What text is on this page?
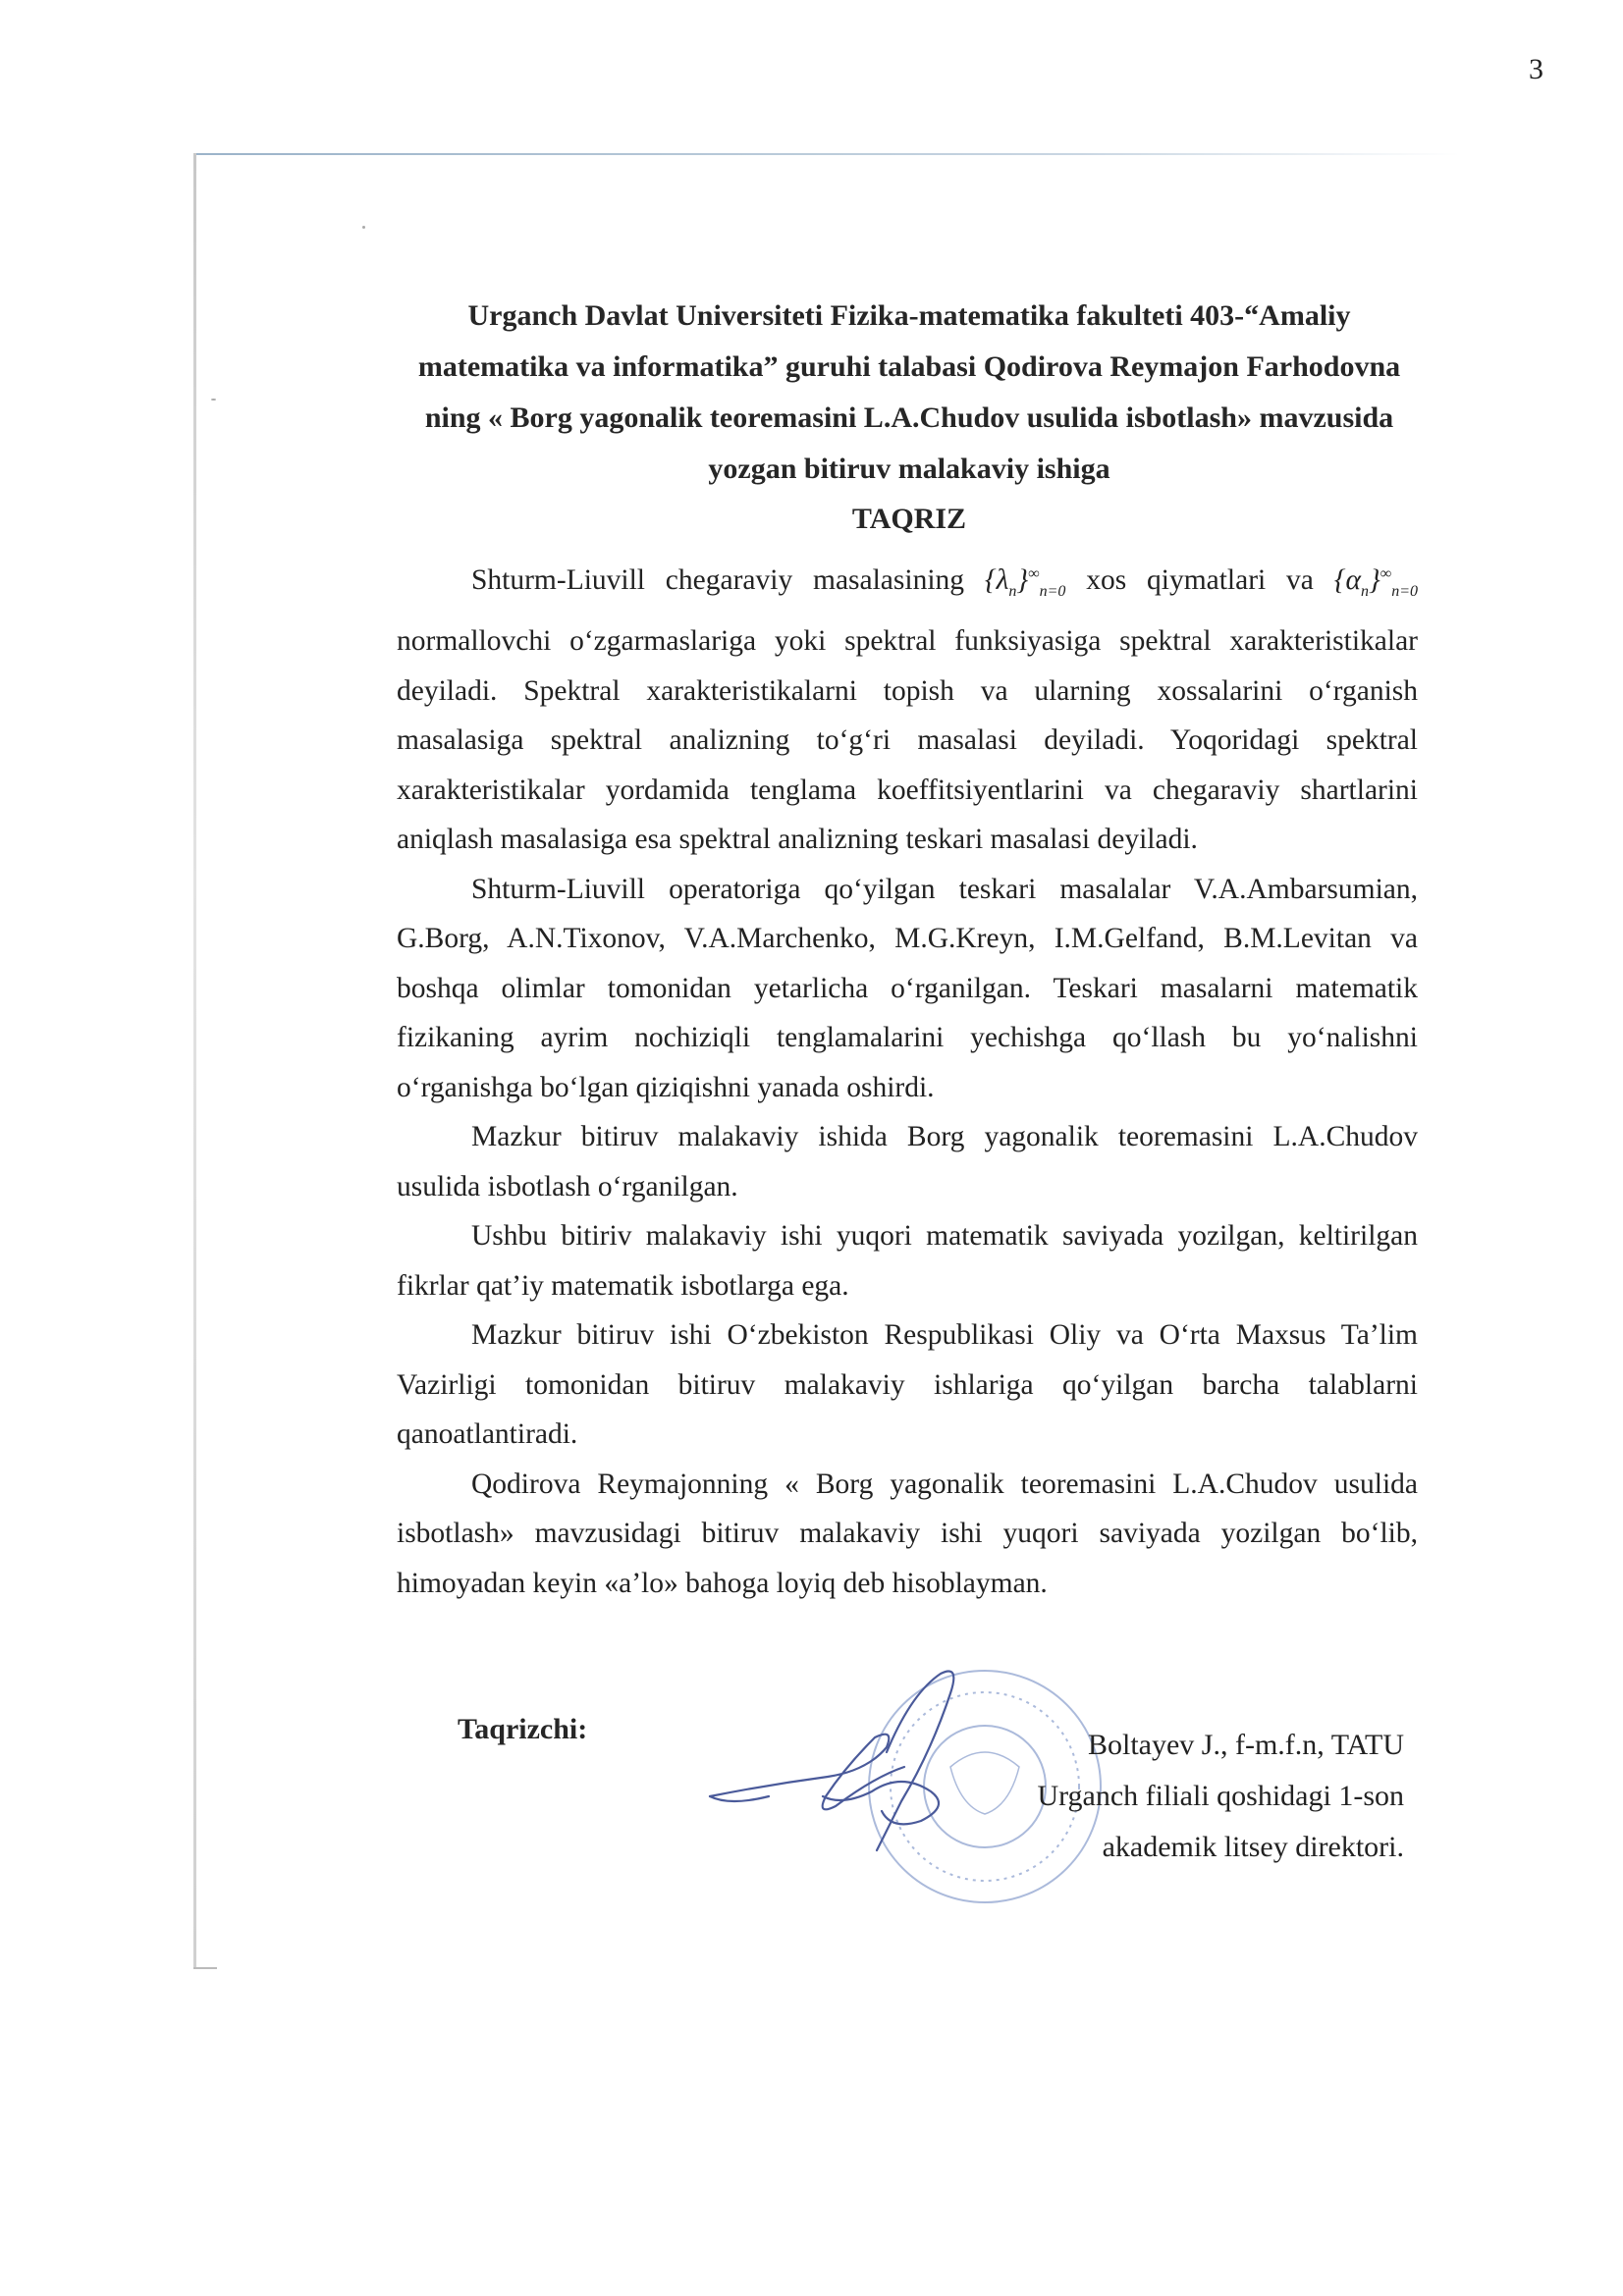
3
Urganch Davlat Universiteti Fizika-matematika fakulteti 403-“Amaliy
matematika va informatika” guruhi talabasi Qodirova Reymajon Farhodovna
ning « Borg yagonalik teoremasini L.A.Chudov usulida isbotlash» mavzusida
yozgan bitiruv malakaviy ishiga
TAQRIZ

Shturm-Liuvill chegaraviy masalasining $\{\lambda_n\}^\infty_{n=0}$ xos qiymatlari va $\{\alpha_n\}^\infty_{n=0}$ normallovchi o‘zgarmaslariga yoki spektral funksiyasiga spektral xarakteristikalar deyiladi. Spektral xarakteristikalarni topish va ularning xossalarini o‘rganish masalasiga spektral analizning to‘g‘ri masalasi deyiladi. Yoqoridagi spektral xarakteristikalar yordamida tenglama koeffitsiyentlarini va chegaraviy shartlarini aniqlash masalasiga esa spektral analizning teskari masalasi deyiladi.

Shturm-Liuvill operatoriga qo‘yilgan teskari masalalar V.A.Ambarsumian, G.Borg, A.N.Tixonov, V.A.Marchenko, M.G.Kreyn, I.M.Gelfand, B.M.Levitan va boshqa olimlar tomonidan yetarlicha o‘rganilgan. Teskari masalarni matematik fizikaning ayrim nochiziqli tenglamalarini yechishga qo‘llash bu yo‘nalishni o‘rganishga bo‘lgan qiziqishni yanada oshirdi.

Mazkur bitiruv malakaviy ishida Borg yagonalik teoremasini L.A.Chudov usulida isbotlash o‘rganilgan.

Ushbu bitiriv malakaviy ishi yuqori matematik saviyada yozilgan, keltirilgan fikrlar qat’iy matematik isbotlarga ega.

Mazkur bitiruv ishi O‘zbekiston Respublikasi Oliy va O‘rta Maxsus Ta’lim Vazirligi tomonidan bitiruv malakaviy ishlariga qo‘yilgan barcha talablarni qanoatlantiradi.

Qodirova Reymajonning « Borg yagonalik teoremasini L.A.Chudov usulida isbotlash» mavzusidagi bitiruv malakaviy ishi yuqori saviyada yozilgan bo‘lib, himoyadan keyin «a’lo» bahoga loyiq deb hisoblayman.

Taqrizchi:	Boltayev J., f-m.f.n, TATU
Urganch filiali qoshidagi 1-son
akademik litsey direktori.
